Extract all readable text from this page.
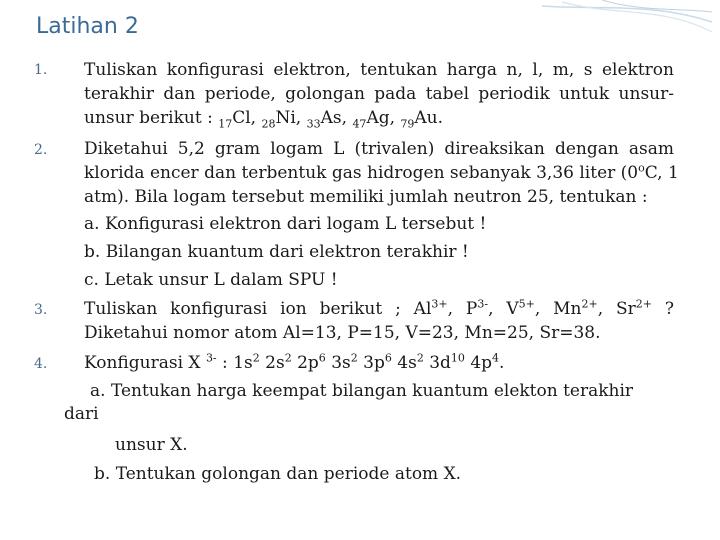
Latihan 2
1. Tuliskan konfigurasi elektron, tentukan harga n, l, m, s elektron
terakhir dan periode, golongan pada tabel periodik untuk unsur-
unsur berikut : $_{17}$Cl, $_{28}$Ni, $_{33}$As, $_{47}$Ag, $_{79}$Au.
2. Diketahui 5,2 gram logam L (trivalen) direaksikan dengan asam
klorida encer dan terbentuk gas hidrogen sebanyak 3,36 liter (0$^o$C, 1
atm). Bila logam tersebut memiliki jumlah neutron 25, tentukan :
a. Konfigurasi elektron dari logam L tersebut !
b. Bilangan kuantum dari elektron terakhir !
c. Letak unsur L dalam SPU !
3. Tuliskan konfigurasi ion berikut ; $Al^{3+}$, $P^{3-}$, $V^{5+}$, $Mn^{2+}$, $Sr^{2+}$ ?
Diketahui nomor atom Al=13, P=15, V=23, Mn=25, Sr=38.
4. Konfigurasi X $^{3-}$ : $1s^2$ $2s^2$ $2p^6$ $3s^2$ $3p^6$ $4s^2$ $3d^{10}$ $4p^4$.
a. Tentukan harga keempat bilangan kuantum elekton terakhir
dari
unsur X.
b. Tentukan golongan dan periode atom X.
